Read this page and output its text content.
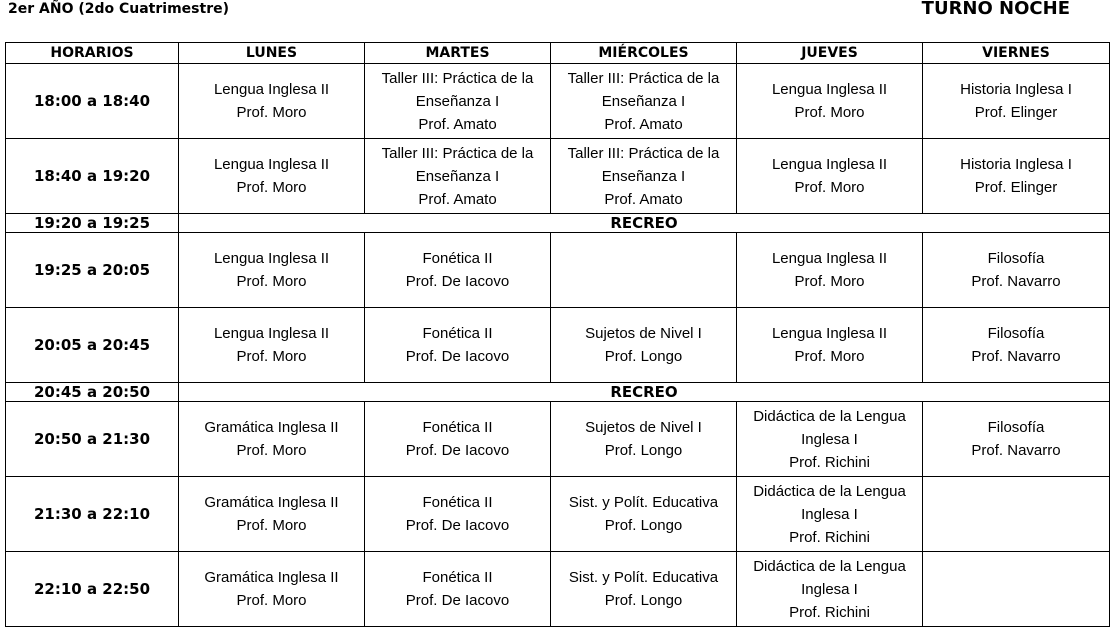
2er AÑO (2do Cuatrimestre)	TURNO NOCHE
HORARIOS	LUNES	MARTES	MIÉRCOLES	JUEVES	VIERNES
18:00 a 18:40	Lengua Inglesa II
Prof. Moro	Taller III: Práctica de la
Enseñanza I
Prof. Amato	Taller III: Práctica de la
Enseñanza I
Prof. Amato	Lengua Inglesa II
Prof. Moro	Historia Inglesa I
Prof. Elinger

18:40 a 19:20	Lengua Inglesa II
Prof. Moro	Taller III: Práctica de la
Enseñanza I
Prof. Amato	Taller III: Práctica de la
Enseñanza I
Prof. Amato	Lengua Inglesa II
Prof. Moro	Historia Inglesa I
Prof. Elinger

19:20 a 19:25	RECREO				
19:25 a 20:05	Lengua Inglesa II
Prof. Moro	Fonética II
Prof. De Iacovo		Lengua Inglesa II
Prof. Moro	Filosofía
Prof. Navarro

20:05 a 20:45	Lengua Inglesa II
Prof. Moro	Fonética II
Prof. De Iacovo	Sujetos de Nivel I
Prof. Longo	Lengua Inglesa II
Prof. Moro	Filosofía
Prof. Navarro

20:45 a 20:50	RECREO				
20:50 a 21:30	Gramática Inglesa II
Prof. Moro	Fonética II
Prof. De Iacovo	Sujetos de Nivel I
Prof. Longo	Didáctica de la Lengua
Inglesa I
Prof. Richini	Filosofía
Prof. Navarro

21:30 a 22:10	Gramática Inglesa II
Prof. Moro	Fonética II
Prof. De Iacovo	Sist. y Polít. Educativa
Prof. Longo	Didáctica de la Lengua
Inglesa I
Prof. Richini	

22:10 a 22:50	Gramática Inglesa II
Prof. Moro	Fonética II
Prof. De Iacovo	Sist. y Polít. Educativa
Prof. Longo	Didáctica de la Lengua
Inglesa I
Prof. Richini	
